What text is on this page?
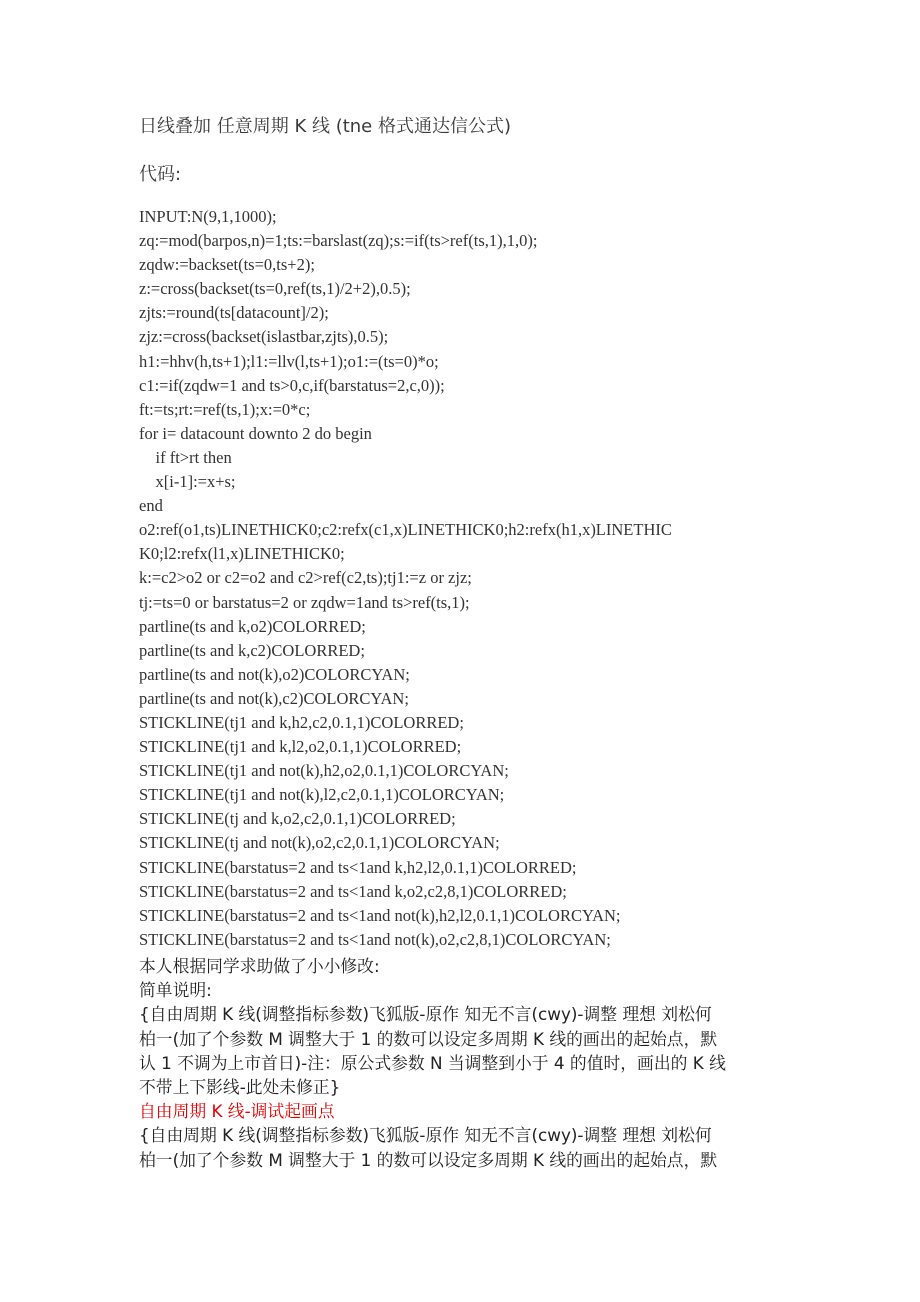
日线叠加 任意周期 K 线 (tne 格式通达信公式)
代码:
INPUT:N(9,1,1000);
zq:=mod(barpos,n)=1;ts:=barslast(zq);s:=if(ts>ref(ts,1),1,0);
zqdw:=backset(ts=0,ts+2);
z:=cross(backset(ts=0,ref(ts,1)/2+2),0.5);
zjts:=round(ts[datacount]/2);
zjz:=cross(backset(islastbar,zjts),0.5);
h1:=hhv(h,ts+1);l1:=llv(l,ts+1);o1:=(ts=0)*o;
c1:=if(zqdw=1 and ts>0,c,if(barstatus=2,c,0));
ft:=ts;rt:=ref(ts,1);x:=0*c;
for i= datacount downto 2 do begin
if ft>rt then
x[i-1]:=x+s;
end
o2:ref(o1,ts)LINETHICK0;c2:refx(c1,x)LINETHICK0;h2:refx(h1,x)LINETHIC
K0;l2:refx(l1,x)LINETHICK0;
k:=c2>o2 or c2=o2 and c2>ref(c2,ts);tj1:=z or zjz;
tj:=ts=0 or barstatus=2 or zqdw=1and ts>ref(ts,1);
partline(ts and k,o2)COLORRED;
partline(ts and k,c2)COLORRED;
partline(ts and not(k),o2)COLORCYAN;
partline(ts and not(k),c2)COLORCYAN;
STICKLINE(tj1 and k,h2,c2,0.1,1)COLORRED;
STICKLINE(tj1 and k,l2,o2,0.1,1)COLORRED;
STICKLINE(tj1 and not(k),h2,o2,0.1,1)COLORCYAN;
STICKLINE(tj1 and not(k),l2,c2,0.1,1)COLORCYAN;
STICKLINE(tj and k,o2,c2,0.1,1)COLORRED;
STICKLINE(tj and not(k),o2,c2,0.1,1)COLORCYAN;
STICKLINE(barstatus=2 and ts<1and k,h2,l2,0.1,1)COLORRED;
STICKLINE(barstatus=2 and ts<1and k,o2,c2,8,1)COLORRED;
STICKLINE(barstatus=2 and ts<1and not(k),h2,l2,0.1,1)COLORCYAN;
STICKLINE(barstatus=2 and ts<1and not(k),o2,c2,8,1)COLORCYAN;
本人根据同学求助做了小小修改:
简单说明:
{自由周期 K 线(调整指标参数)飞狐版-原作 知无不言(cwy)-调整 理想 刘松何
柏一(加了个参数 M 调整大于 1 的数可以设定多周期 K 线的画出的起始点，默
认 1 不调为上市首日)-注：原公式参数 N 当调整到小于 4 的值时，画出的 K 线
不带上下影线-此处未修正}
自由周期 K 线-调试起画点
{自由周期 K 线(调整指标参数)飞狐版-原作 知无不言(cwy)-调整 理想 刘松何
柏一(加了个参数 M 调整大于 1 的数可以设定多周期 K 线的画出的起始点，默
